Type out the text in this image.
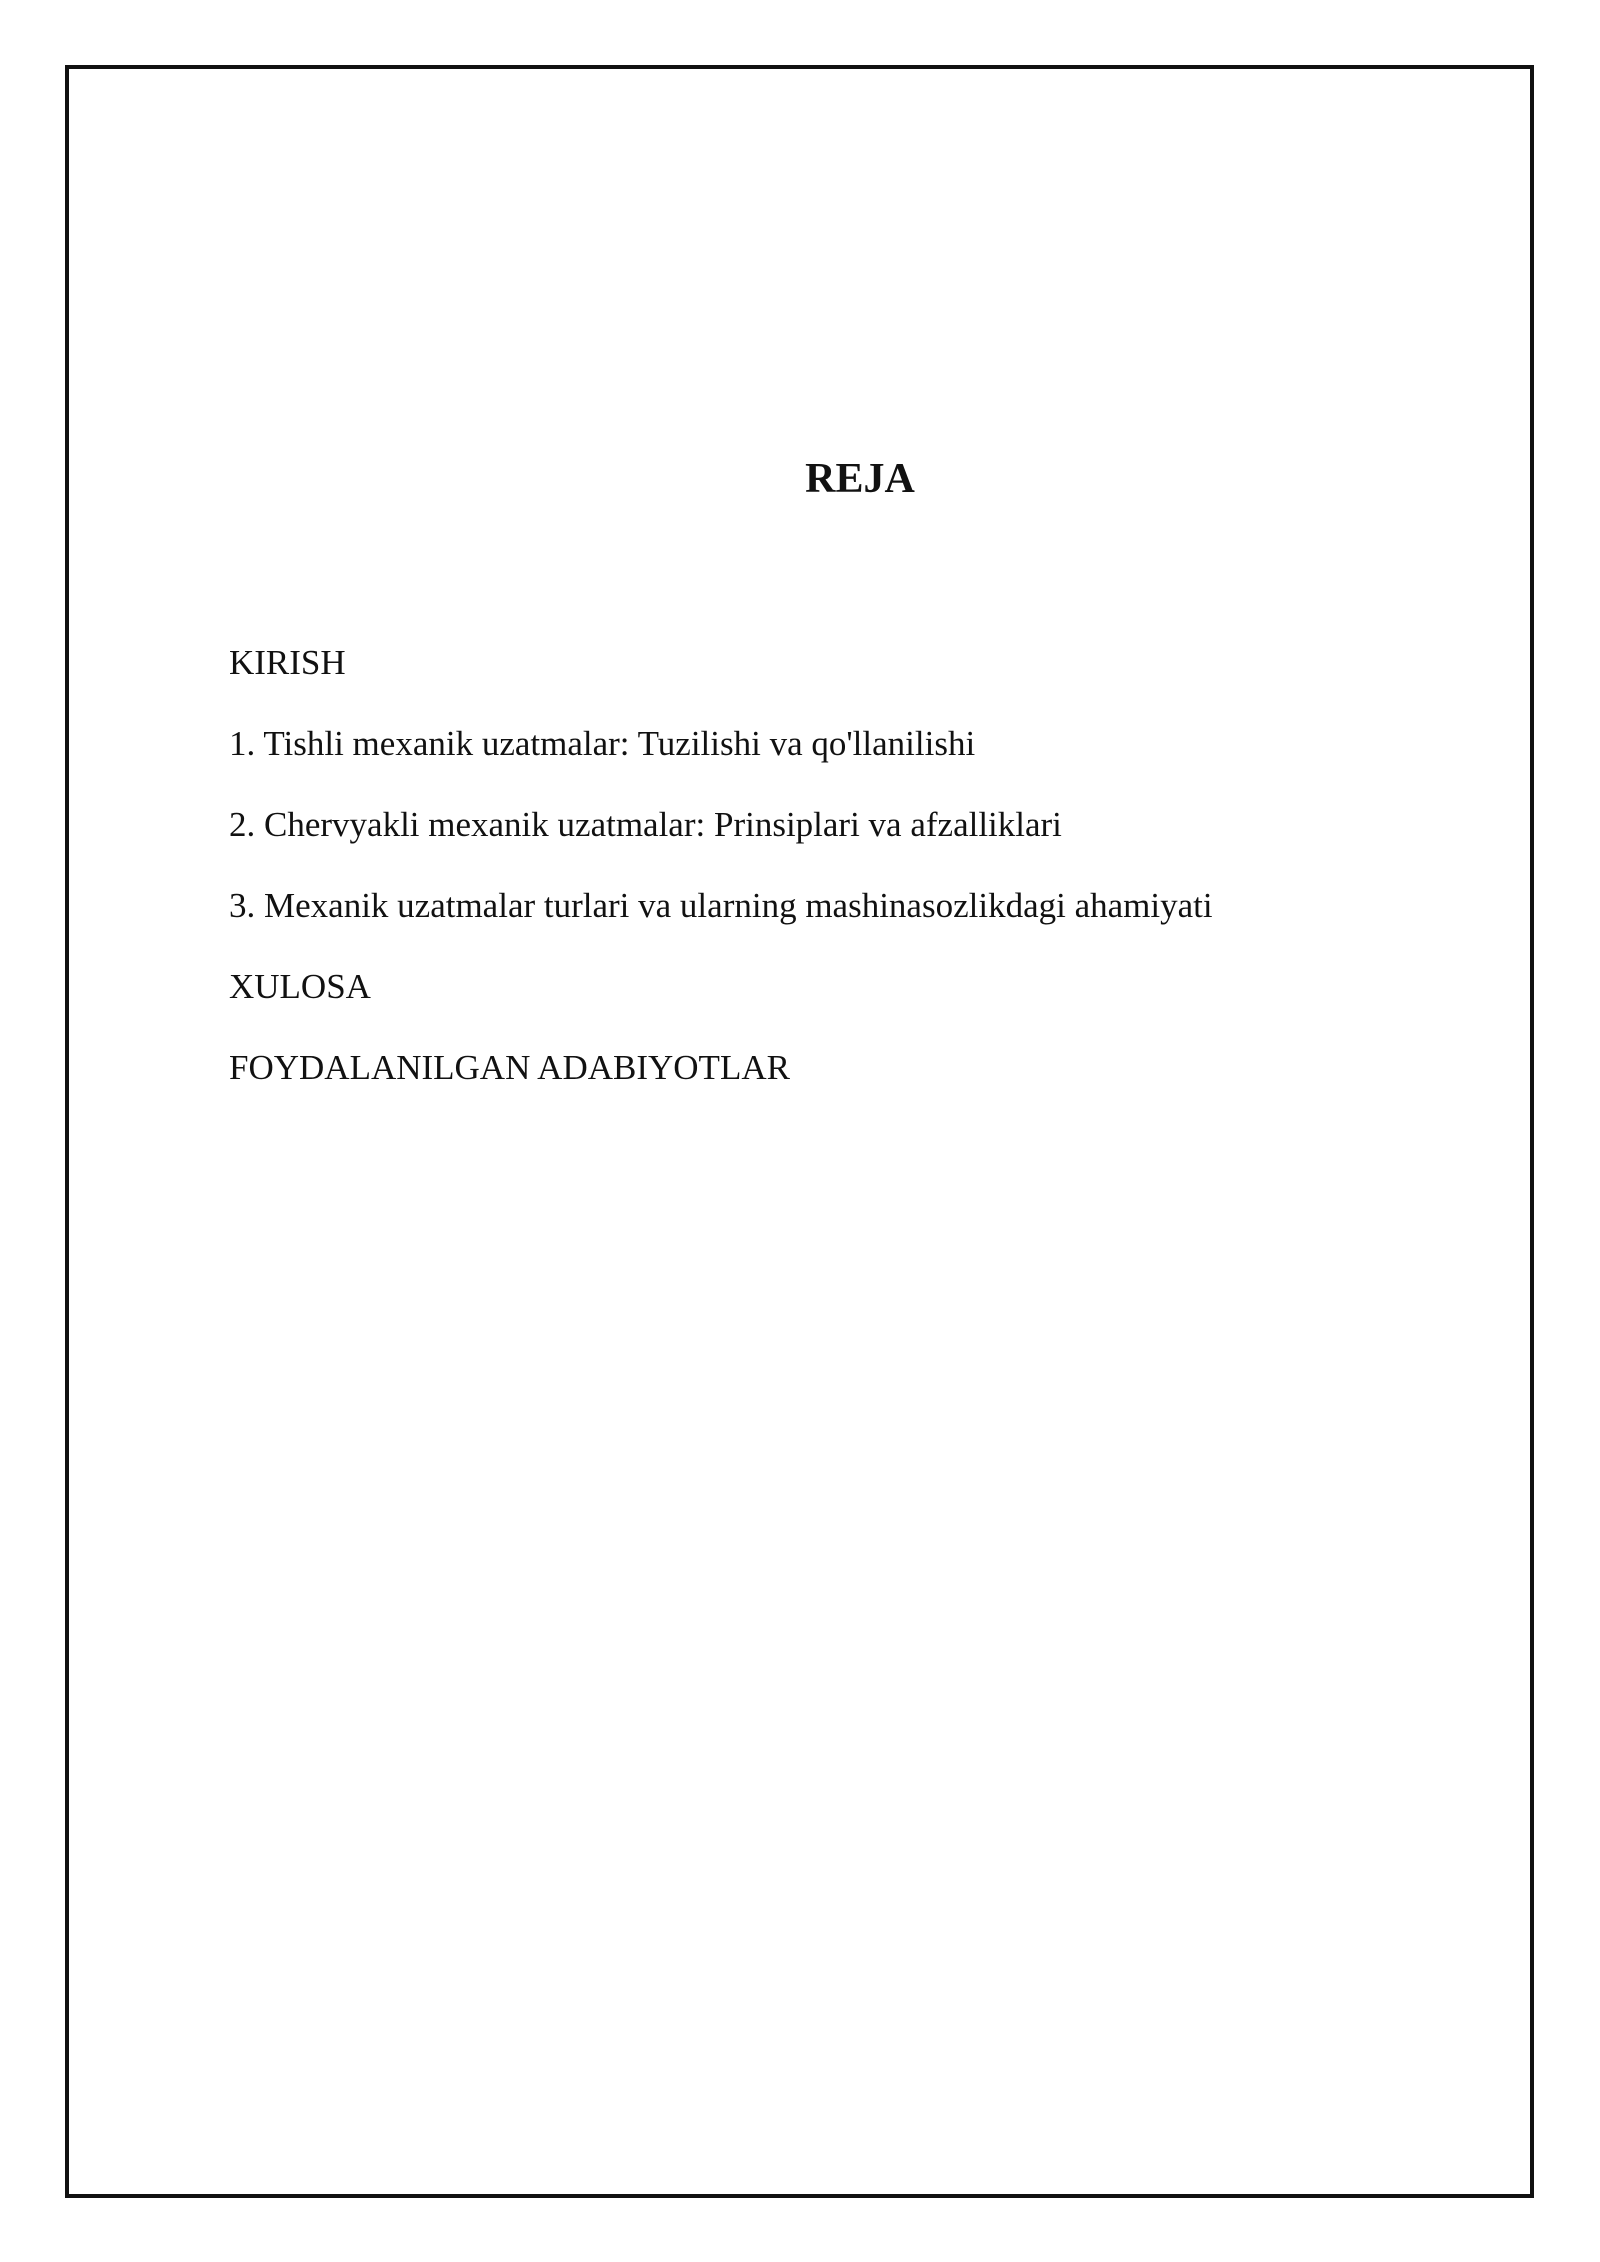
REJA
KIRISH
1. Tishli mexanik uzatmalar: Tuzilishi va qo'llanilishi
2. Chervyakli mexanik uzatmalar: Prinsiplari va afzalliklari
3. Mexanik uzatmalar turlari va ularning mashinasozlikdagi ahamiyati
XULOSA
FOYDALANILGAN ADABIYOTLAR
